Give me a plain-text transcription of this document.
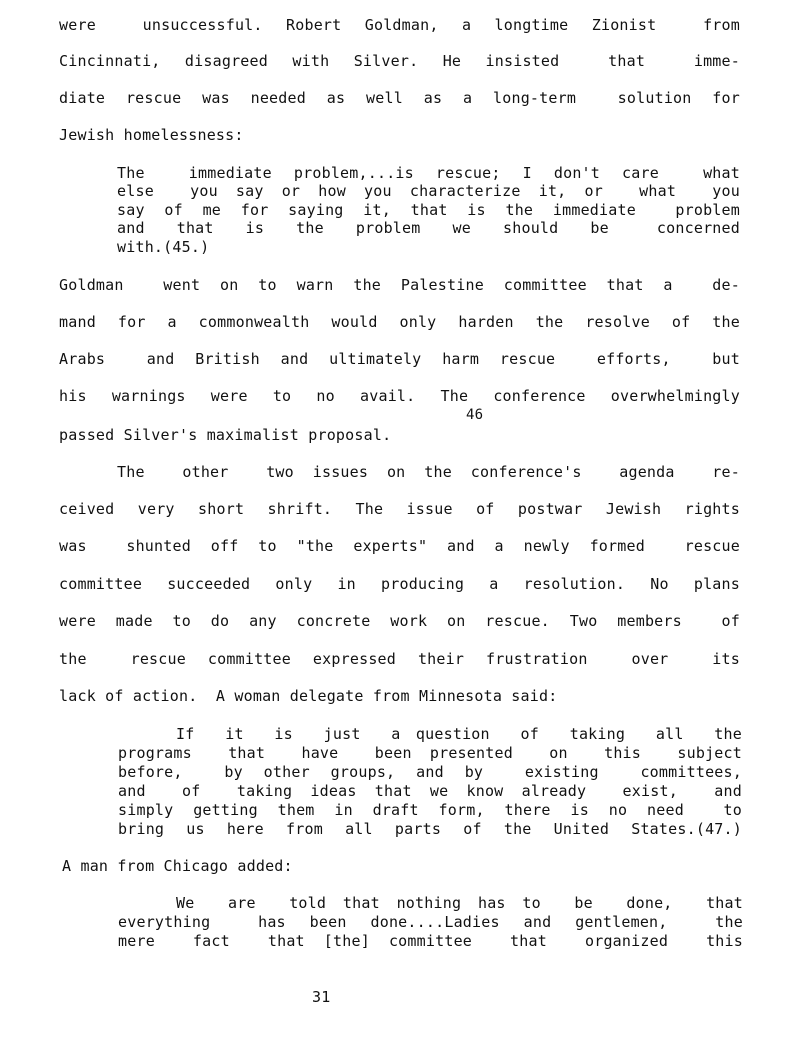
were  unsuccessful. Robert Goldman, a longtime Zionist  from
Cincinnati, disagreed with Silver. He insisted  that  imme-
diate rescue was needed as well as a long-term  solution for
Jewish homelessness:
The  immediate problem,...is rescue; I don't care  what
else  you say or how you characterize it, or  what  you
say of me for saying it, that is the immediate  problem
and  that  is  the  problem  we  should  be   concerned
with.(45.)
Goldman  went on to warn the Palestine committee that a  de-
mand for a commonwealth would only harden the resolve of the
Arabs  and British and ultimately harm rescue  efforts,  but
his warnings were to no avail. The conference overwhelmingly
46
passed Silver's maximalist proposal.
The  other  two issues on the conference's  agenda  re-
ceived very short shrift. The issue of postwar Jewish rights
was  shunted off to "the experts" and a newly formed  rescue
committee succeeded only in producing a resolution. No plans
were made to do any concrete work on rescue. Two members  of
the  rescue committee expressed their frustration  over  its
lack of action.  A woman delegate from Minnesota said:
If  it  is  just  a question  of  taking  all  the
programs  that  have  been presented  on  this  subject
before,  by other groups, and by  existing  committees,
and  of  taking ideas that we know already  exist,  and
simply getting them in draft form, there is no need  to
bring us here from all parts of the United States.(47.)
A man from Chicago added:
We  are  told that nothing has to  be  done,  that
everything  has been done....Ladies and gentlemen,  the
mere  fact  that [the] committee  that  organized  this
31
